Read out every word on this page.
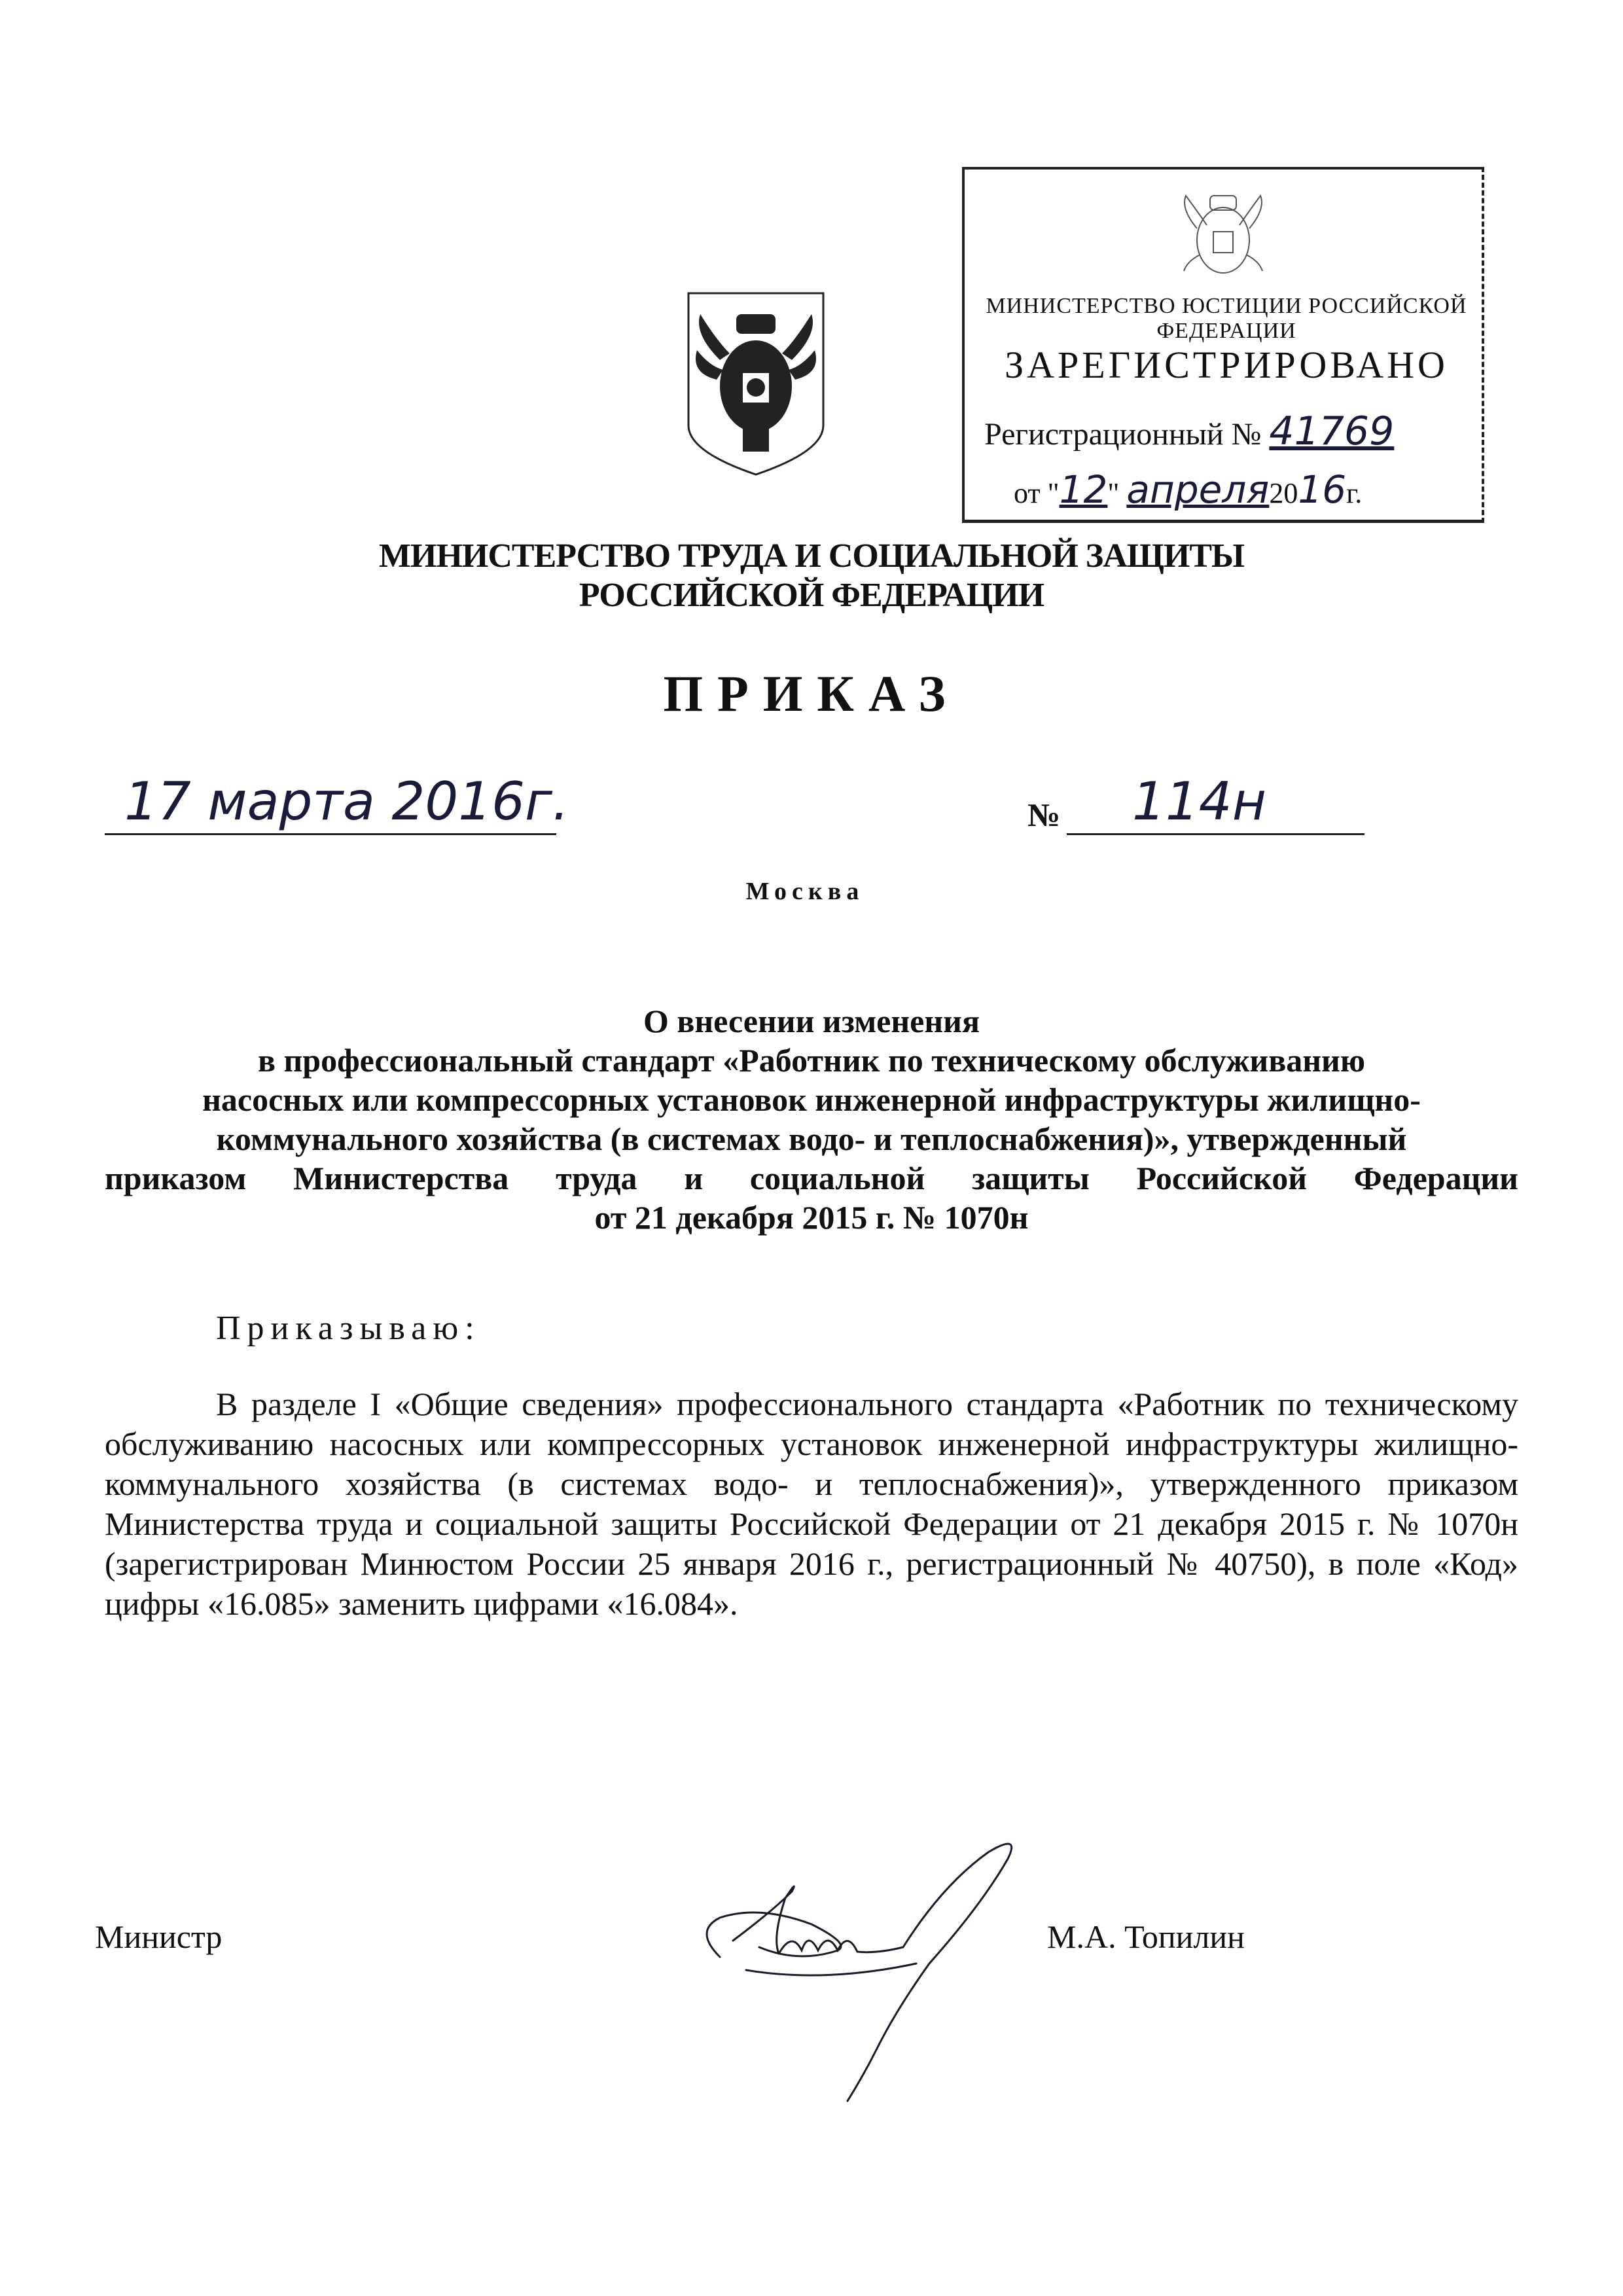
МИНИСТЕРСТВО ЮСТИЦИИ РОССИЙСКОЙ ФЕДЕРАЦИИ
ЗАРЕГИСТРИРОВАНО
Регистрационный № 41769
от "12" апреля2016г.
МИНИСТЕРСТВО ТРУДА И СОЦИАЛЬНОЙ ЗАЩИТЫ
РОССИЙСКОЙ ФЕДЕРАЦИИ
ПРИКАЗ
17 марта 2016г.	№ 114н
Москва
О внесении изменения
в профессиональный стандарт «Работник по техническому обслуживанию
насосных или компрессорных установок инженерной инфраструктуры жилищно-
коммунального хозяйства (в системах водо- и теплоснабжения)», утвержденный
приказом Министерства труда и социальной защиты Российской Федерации
от 21 декабря 2015 г. № 1070н
Приказываю:
В разделе I «Общие сведения» профессионального стандарта «Работник по техническому обслуживанию насосных или компрессорных установок инженерной инфраструктуры жилищно-коммунального хозяйства (в системах водо- и теплоснабжения)», утвержденного приказом Министерства труда и социальной защиты Российской Федерации от 21 декабря 2015 г. № 1070н (зарегистрирован Минюстом России 25 января 2016 г., регистрационный № 40750), в поле «Код» цифры «16.085» заменить цифрами «16.084».
Министр	М.А. Топилин
